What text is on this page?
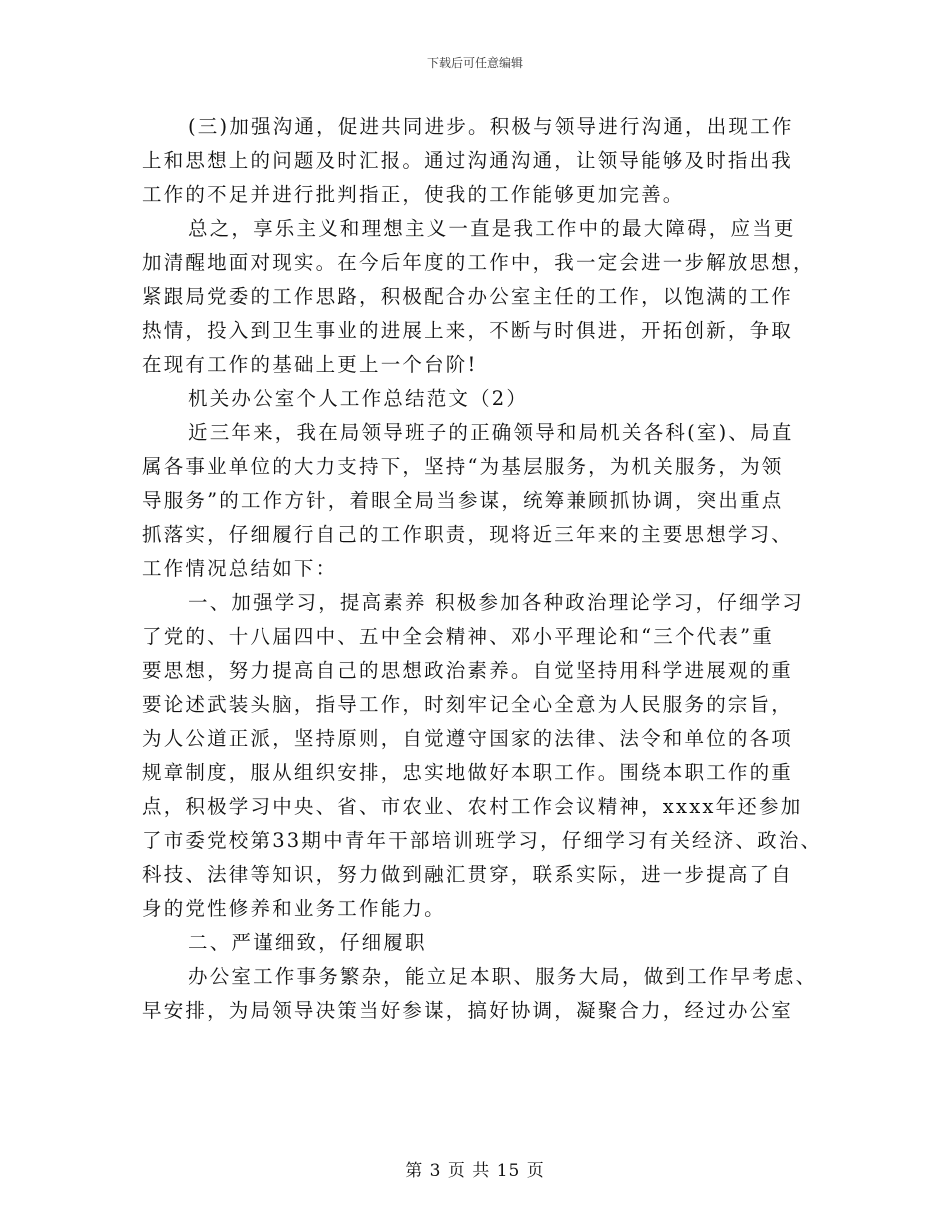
下载后可任意编辑
(三)加强沟通，促进共同进步。积极与领导进行沟通，出现工作
上和思想上的问题及时汇报。通过沟通沟通，让领导能够及时指出我
工作的不足并进行批判指正，使我的工作能够更加完善。
总之，享乐主义和理想主义一直是我工作中的最大障碍，应当更
加清醒地面对现实。在今后年度的工作中，我一定会进一步解放思想，
紧跟局党委的工作思路，积极配合办公室主任的工作，以饱满的工作
热情，投入到卫生事业的进展上来，不断与时俱进，开拓创新，争取
在现有工作的基础上更上一个台阶!
机关办公室个人工作总结范文（2）
近三年来，我在局领导班子的正确领导和局机关各科(室)、局直
属各事业单位的大力支持下，坚持“为基层服务，为机关服务，为领
导服务”的工作方针，着眼全局当参谋，统筹兼顾抓协调，突出重点
抓落实，仔细履行自己的工作职责，现将近三年来的主要思想学习、
工作情况总结如下：
一、加强学习，提高素养 积极参加各种政治理论学习，仔细学习
了党的、十八届四中、五中全会精神、邓小平理论和“三个代表”重
要思想，努力提高自己的思想政治素养。自觉坚持用科学进展观的重
要论述武装头脑，指导工作，时刻牢记全心全意为人民服务的宗旨，
为人公道正派，坚持原则，自觉遵守国家的法律、法令和单位的各项
规章制度，服从组织安排，忠实地做好本职工作。围绕本职工作的重
点，积极学习中央、省、市农业、农村工作会议精神，xxxx年还参加
了市委党校第33期中青年干部培训班学习，仔细学习有关经济、政治、
科技、法律等知识，努力做到融汇贯穿，联系实际，进一步提高了自
身的党性修养和业务工作能力。
二、严谨细致，仔细履职
办公室工作事务繁杂，能立足本职、服务大局，做到工作早考虑、
早安排，为局领导决策当好参谋，搞好协调，凝聚合力，经过办公室
第 3 页 共 15 页
